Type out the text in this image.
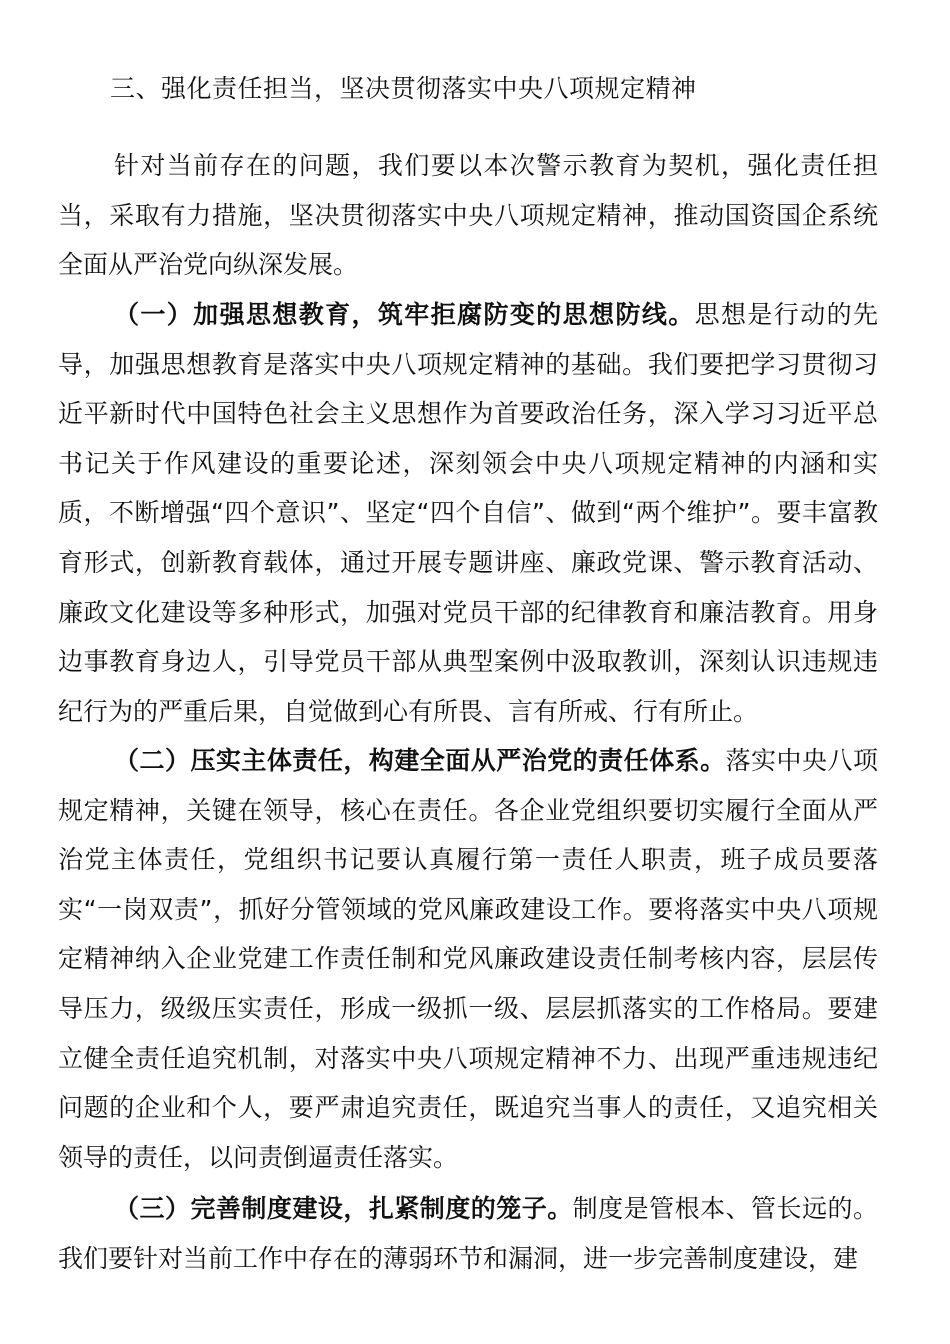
三、强化责任担当，坚决贯彻落实中央八项规定精神

针对当前存在的问题，我们要以本次警示教育为契机，强化责任担当，采取有力措施，坚决贯彻落实中央八项规定精神，推动国资国企系统全面从严治党向纵深发展。

（一）加强思想教育，筑牢拒腐防变的思想防线。思想是行动的先导，加强思想教育是落实中央八项规定精神的基础。我们要把学习贯彻习近平新时代中国特色社会主义思想作为首要政治任务，深入学习习近平总书记关于作风建设的重要论述，深刻领会中央八项规定精神的内涵和实质，不断增强“四个意识”、坚定“四个自信”、做到“两个维护”。要丰富教育形式，创新教育载体，通过开展专题讲座、廉政党课、警示教育活动、廉政文化建设等多种形式，加强对党员干部的纪律教育和廉洁教育。用身边事教育身边人，引导党员干部从典型案例中汲取教训，深刻认识违规违纪行为的严重后果，自觉做到心有所畏、言有所戒、行有所止。

（二）压实主体责任，构建全面从严治党的责任体系。落实中央八项规定精神，关键在领导，核心在责任。各企业党组织要切实履行全面从严治党主体责任，党组织书记要认真履行第一责任人职责，班子成员要落实“一岗双责”，抓好分管领域的党风廉政建设工作。要将落实中央八项规定精神纳入企业党建工作责任制和党风廉政建设责任制考核内容，层层传导压力，级级压实责任，形成一级抓一级、层层抓落实的工作格局。要建立健全责任追究机制，对落实中央八项规定精神不力、出现严重违规违纪问题的企业和个人，要严肃追究责任，既追究当事人的责任，又追究相关领导的责任，以问责倒逼责任落实。

（三）完善制度建设，扎紧制度的笼子。制度是管根本、管长远的。我们要针对当前工作中存在的薄弱环节和漏洞，进一步完善制度建设，建
